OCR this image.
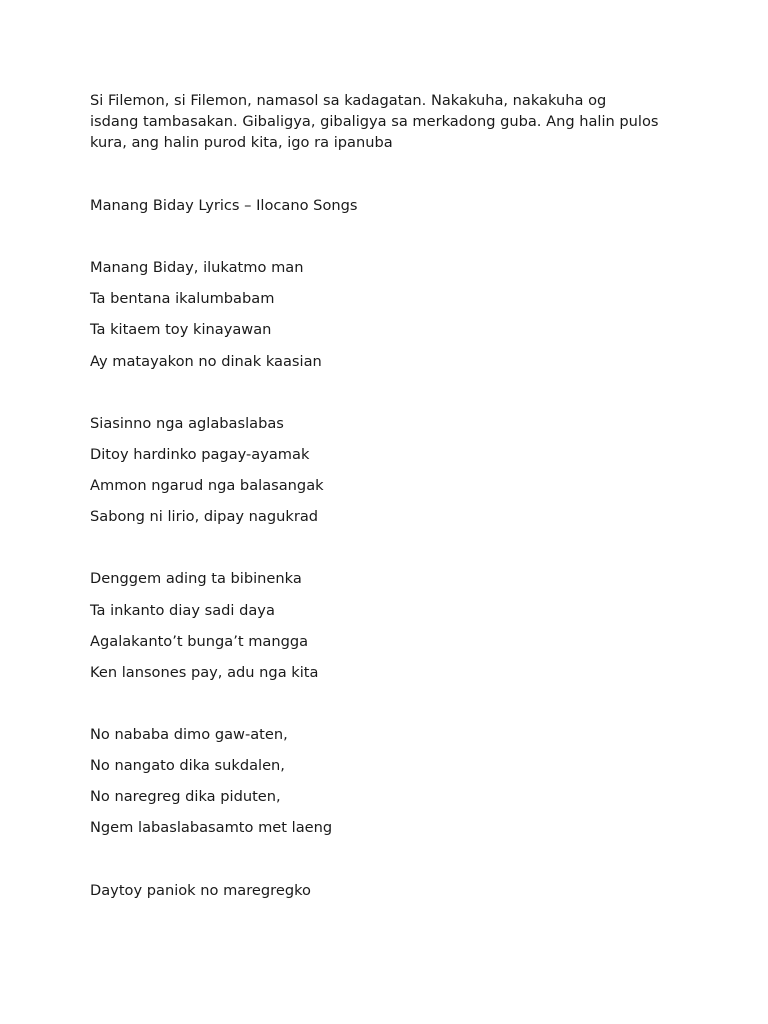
Si Filemon, si Filemon, namasol sa kadagatan. Nakakuha, nakakuha og
isdang tambasakan. Gibaligya, gibaligya sa merkadong guba. Ang halin pulos
kura, ang halin purod kita, igo ra ipanuba
Manang Biday Lyrics – Ilocano Songs
Manang Biday, ilukatmo man
Ta bentana ikalumbabam
Ta kitaem toy kinayawan
Ay matayakon no dinak kaasian
Siasinno nga aglabaslabas
Ditoy hardinko pagay-ayamak
Ammon ngarud nga balasangak
Sabong ni lirio, dipay nagukrad
Denggem ading ta bibinenka
Ta inkanto diay sadi daya
Agalakanto’t bunga’t mangga
Ken lansones pay, adu nga kita
No nababa dimo gaw-aten,
No nangato dika sukdalen,
No naregreg dika piduten,
Ngem labaslabasamto met laeng
Daytoy paniok no maregregko
